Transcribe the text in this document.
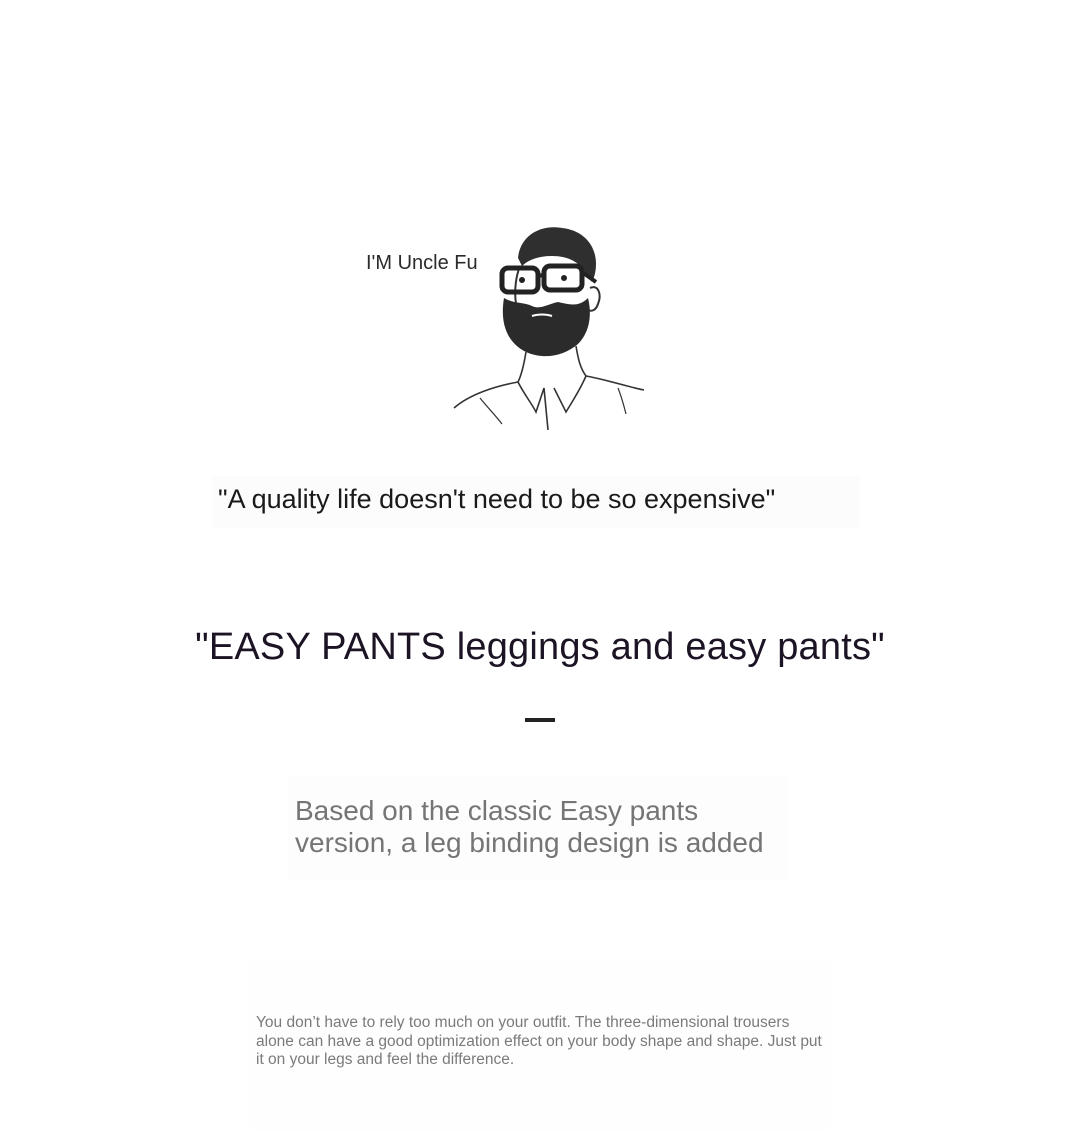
I'M Uncle Fu
"A quality life doesn't need to be so expensive"
"EASY PANTS leggings and easy pants"
Based on the classic Easy pants
version, a leg binding design is added
You don’t have to rely too much on your outfit. The three-dimensional trousers alone can have a good optimization effect on your body shape and shape. Just put it on your legs and feel the difference.
